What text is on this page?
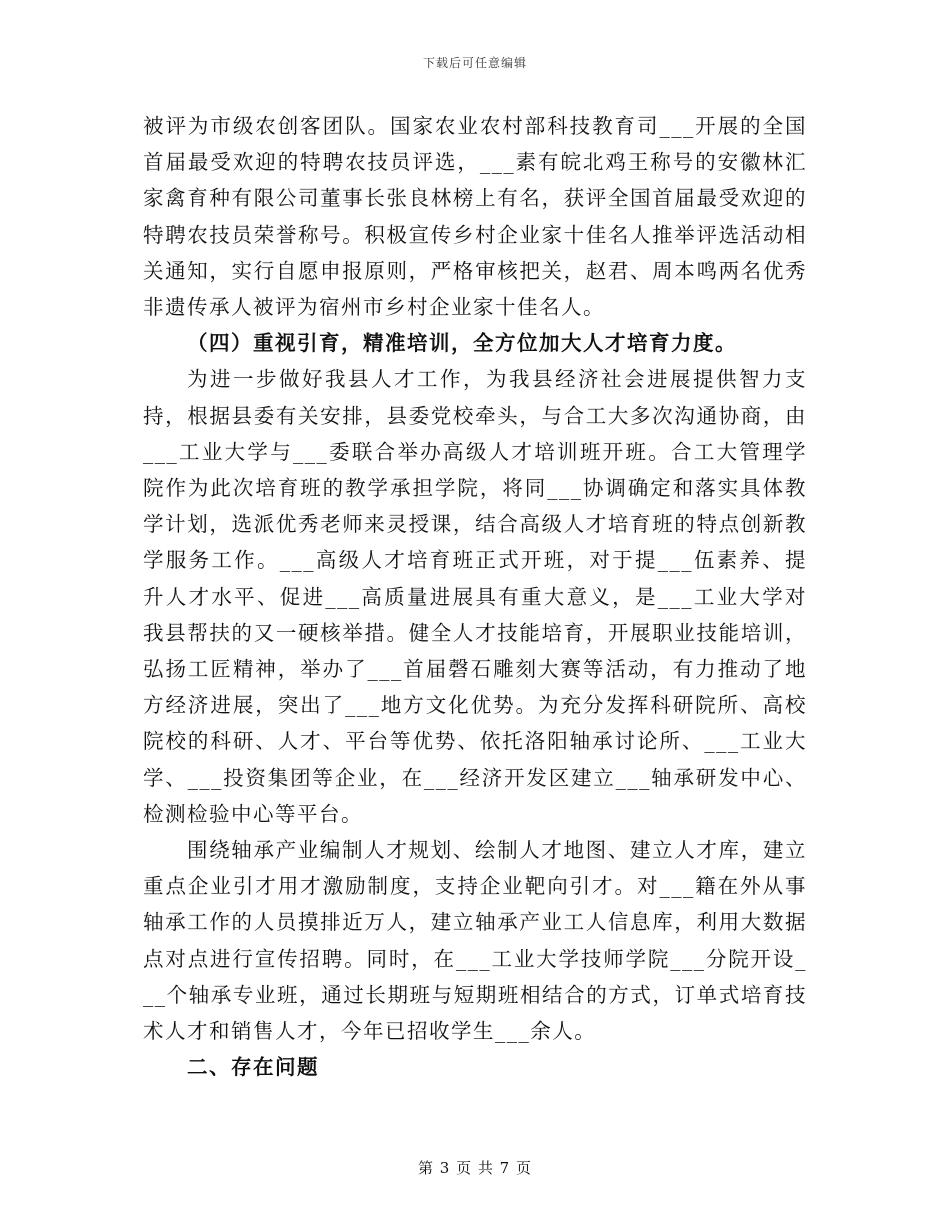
下载后可任意编辑

被评为市级农创客团队。国家农业农村部科技教育司___开展的全国首届最受欢迎的特聘农技员评选，___素有皖北鸡王称号的安徽林汇家禽育种有限公司董事长张良林榜上有名，获评全国首届最受欢迎的特聘农技员荣誉称号。积极宣传乡村企业家十佳名人推举评选活动相关通知，实行自愿申报原则，严格审核把关，赵君、周本鸣两名优秀非遗传承人被评为宿州市乡村企业家十佳名人。

（四）重视引育，精准培训，全方位加大人才培育力度。

为进一步做好我县人才工作，为我县经济社会进展提供智力支持，根据县委有关安排，县委党校牵头，与合工大多次沟通协商，由___工业大学与___委联合举办高级人才培训班开班。合工大管理学院作为此次培育班的教学承担学院，将同___协调确定和落实具体教学计划，选派优秀老师来灵授课，结合高级人才培育班的特点创新教学服务工作。___高级人才培育班正式开班，对于提___伍素养、提升人才水平、促进___高质量进展具有重大意义，是___工业大学对我县帮扶的又一硬核举措。健全人才技能培育，开展职业技能培训，弘扬工匠精神，举办了___首届磬石雕刻大赛等活动，有力推动了地方经济进展，突出了___地方文化优势。为充分发挥科研院所、高校院校的科研、人才、平台等优势、依托洛阳轴承讨论所、___工业大学、___投资集团等企业，在___经济开发区建立___轴承研发中心、检测检验中心等平台。

围绕轴承产业编制人才规划、绘制人才地图、建立人才库，建立重点企业引才用才激励制度，支持企业靶向引才。对___籍在外从事轴承工作的人员摸排近万人，建立轴承产业工人信息库，利用大数据点对点进行宣传招聘。同时，在___工业大学技师学院___分院开设___个轴承专业班，通过长期班与短期班相结合的方式，订单式培育技术人才和销售人才，今年已招收学生___余人。

二、存在问题

第 3 页 共 7 页
